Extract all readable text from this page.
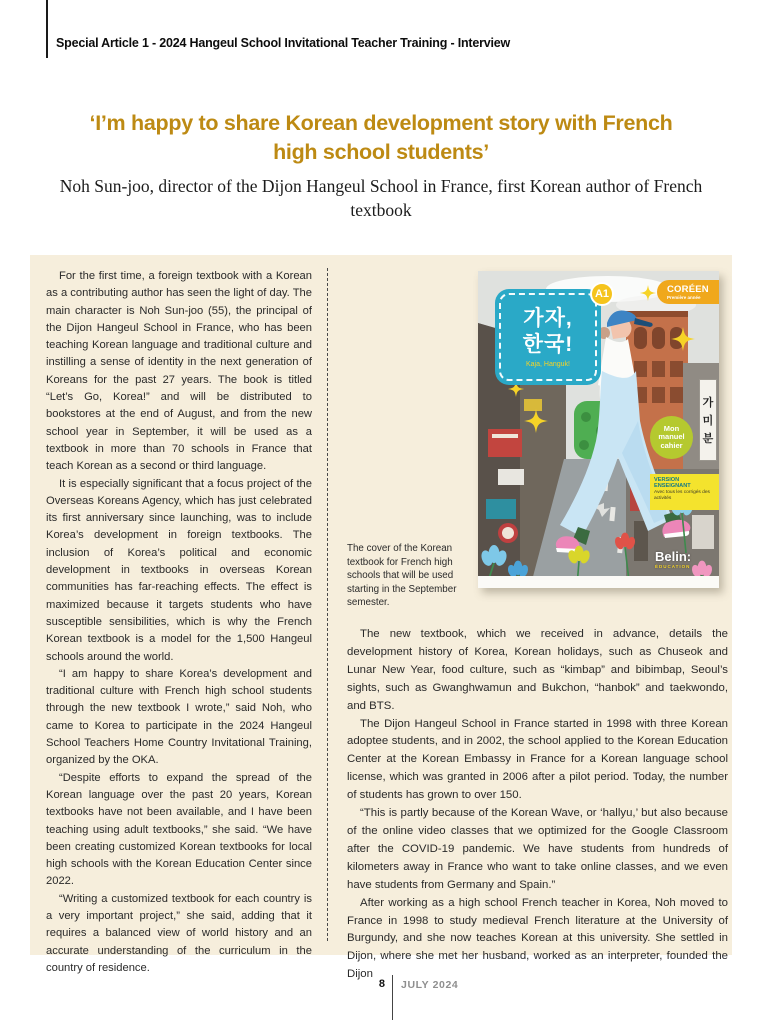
Special Article 1 - 2024 Hangeul School Invitational Teacher Training - Interview
‘I’m happy to share Korean development story with French high school students’
Noh Sun-joo, director of the Dijon Hangeul School in France, first Korean author of French textbook

For the first time, a foreign textbook with a Korean as a contributing author has seen the light of day. The main character is Noh Sun-joo (55), the principal of the Dijon Hangeul School in France, who has been teaching Korean language and traditional culture and instilling a sense of identity in the next generation of Koreans for the past 27 years. The book is titled “Let’s Go, Korea!” and will be distributed to bookstores at the end of August, and from the new school year in September, it will be used as a textbook in more than 70 schools in France that teach Korean as a second or third language.

It is especially significant that a focus project of the Overseas Koreans Agency, which has just celebrated its first anniversary since launching, was to include Korea’s development in foreign textbooks. The inclusion of Korea’s political and economic development in textbooks in overseas Korean communities has far-reaching effects. The effect is maximized because it targets students who have susceptible sensibilities, which is why the French Korean textbook is a model for the 1,500 Hangeul schools around the world.

“I am happy to share Korea’s development and traditional culture with French high school students through the new textbook I wrote,” said Noh, who came to Korea to participate in the 2024 Hangeul School Teachers Home Country Invitational Training, organized by the OKA.

“Despite efforts to expand the spread of the Korean language over the past 20 years, Korean textbooks have not been available, and I have been teaching using adult textbooks,” she said. “We have been creating customized Korean textbooks for local high schools with the Korean Education Center since 2022.

“Writing a customized textbook for each country is a very important project,” she said, adding that it requires a balanced view of world history and an accurate understanding of the curriculum in the country of residence.

가자,
한국!
Kaja, Hanguk!
A1	CORÉEN
Première année
가
미
분
Mon manuel cahier
VERSION ENSEIGNANT
Avec tous les corrigés des activités
Belin:
ÉDUCATION
The cover of the Korean textbook for French high schools that will be used starting in the September semester.

The new textbook, which we received in advance, details the development history of Korea, Korean holidays, such as Chuseok and Lunar New Year, food culture, such as “kimbap” and bibimbap, Seoul’s sights, such as Gwanghwamun and Bukchon, “hanbok” and taekwondo, and BTS.

The Dijon Hangeul School in France started in 1998 with three Korean adoptee students, and in 2002, the school applied to the Korean Education Center at the Korean Embassy in France for a Korean language school license, which was granted in 2006 after a pilot period. Today, the number of students has grown to over 150.

“This is partly because of the Korean Wave, or ‘hallyu,’ but also because of the online video classes that we optimized for the Google Classroom after the COVID-19 pandemic. We have students from hundreds of kilometers away in France who want to take online classes, and we even have students from Germany and Spain.”

After working as a high school French teacher in Korea, Noh moved to France in 1998 to study medieval French literature at the University of Burgundy, and she now teaches Korean at this university. She settled in Dijon, where she met her husband, worked as an interpreter, founded the Dijon

8 JULY 2024
